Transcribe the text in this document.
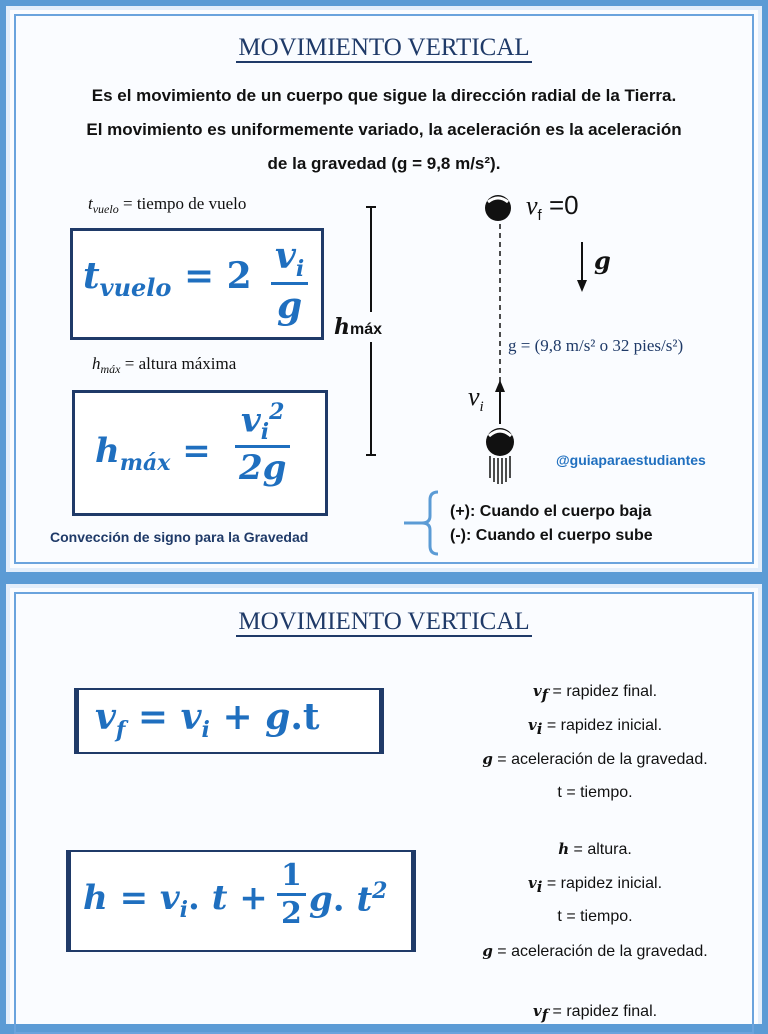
MOVIMIENTO VERTICAL
Es el movimiento de un cuerpo que sigue la dirección radial de la Tierra.
El movimiento es uniformemente variado, la aceleración es la aceleración
de la gravedad (g = 9,8 m/s²).
$t_{vuelo}$ = tiempo de vuelo
$t_{vuelo} = 2 \frac{v_i}{g}$
$h_{máx}$ = altura máxima
$h_{máx} = \frac{v_i^2}{2g}$
hmáx
$v_f =0$
g
g = (9,8 m/s² o 32 pies/s²)
$v_i$
@guiaparaestudiantes
(+): Cuando el cuerpo baja
(-): Cuando el cuerpo sube
Convección de signo para la Gravedad
MOVIMIENTO VERTICAL
$v_f = v_i + g.t$
$h = v_i$. $t + \frac{1}{2} g$. $t^2$
$v_f$ = rapidez final.
$v_i$ = rapidez inicial.
g = aceleración de la gravedad.
t = tiempo.
h = altura.
$v_i$ = rapidez inicial.
t = tiempo.
g = aceleración de la gravedad.
$v_f$ = rapidez final.
